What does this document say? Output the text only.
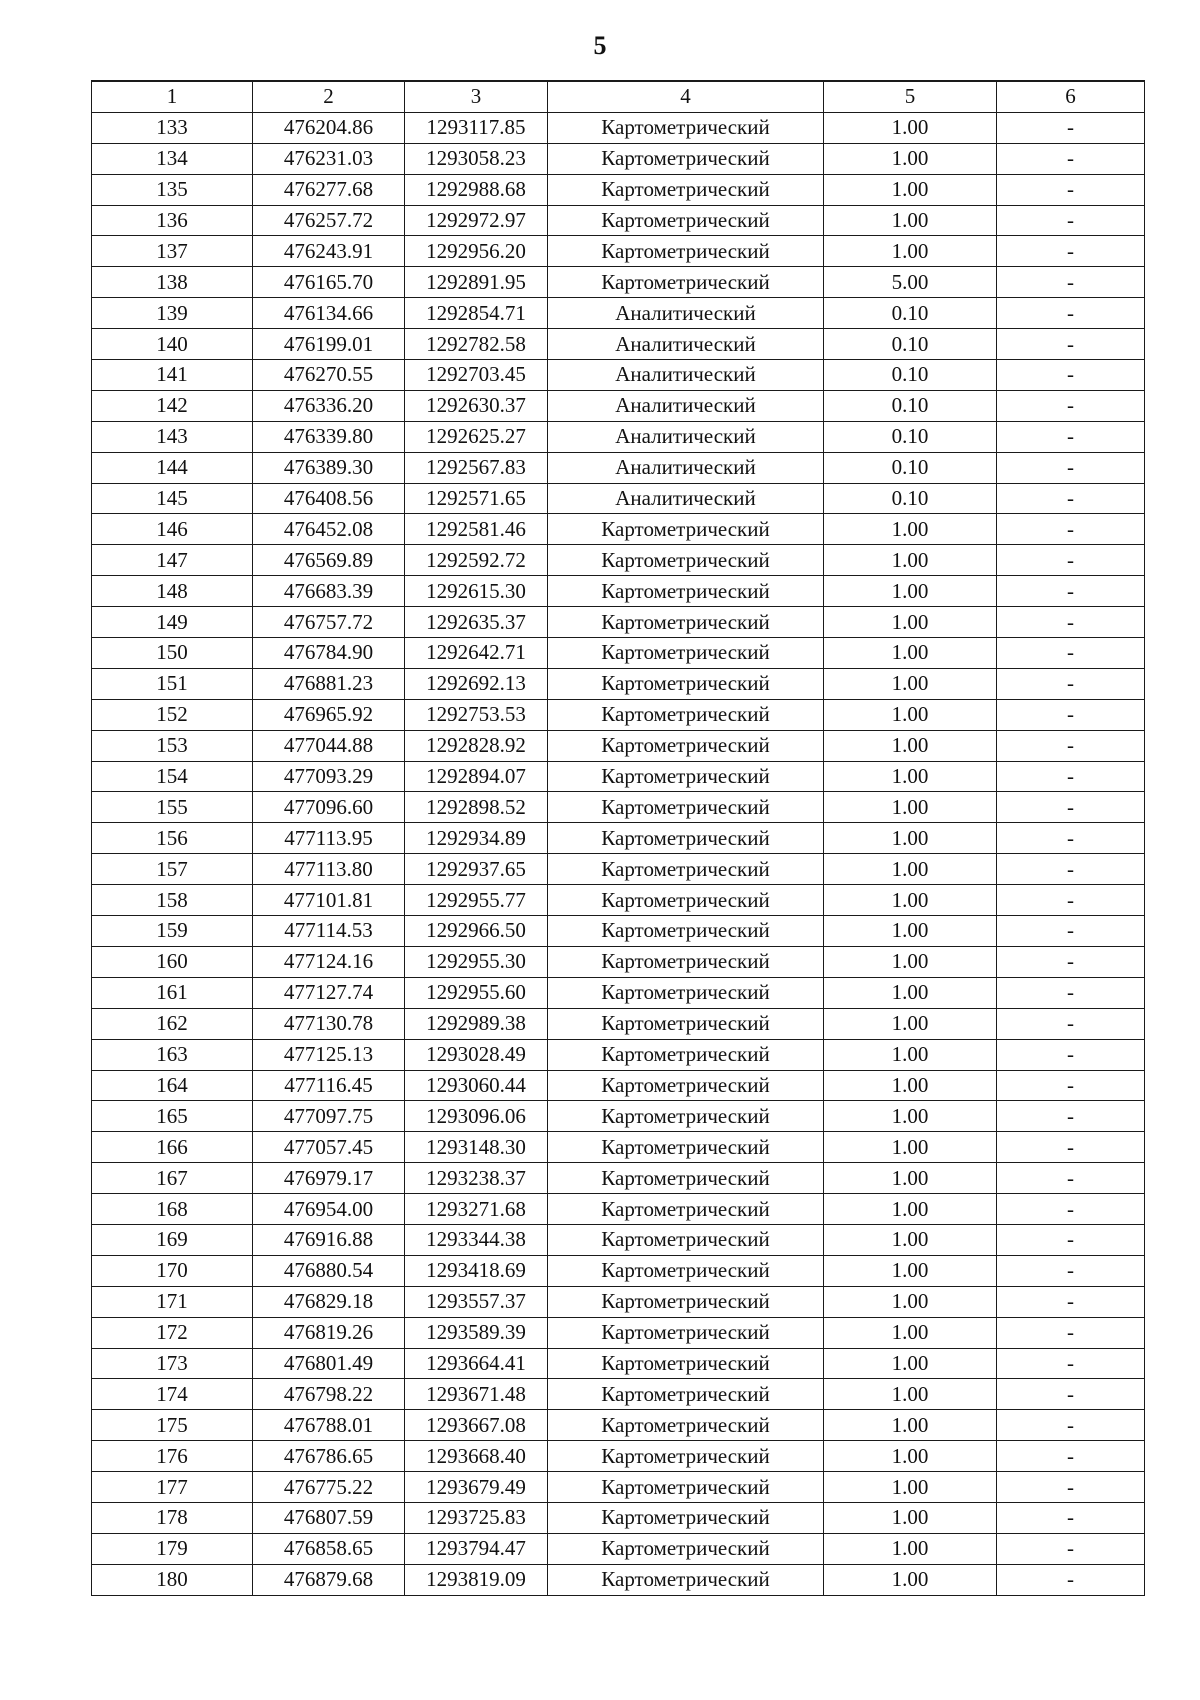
5
1	2	3	4	5	6
133	476204.86	1293117.85	Картометрический	1.00	-
134	476231.03	1293058.23	Картометрический	1.00	-
135	476277.68	1292988.68	Картометрический	1.00	-
136	476257.72	1292972.97	Картометрический	1.00	-
137	476243.91	1292956.20	Картометрический	1.00	-
138	476165.70	1292891.95	Картометрический	5.00	-
139	476134.66	1292854.71	Аналитический	0.10	-
140	476199.01	1292782.58	Аналитический	0.10	-
141	476270.55	1292703.45	Аналитический	0.10	-
142	476336.20	1292630.37	Аналитический	0.10	-
143	476339.80	1292625.27	Аналитический	0.10	-
144	476389.30	1292567.83	Аналитический	0.10	-
145	476408.56	1292571.65	Аналитический	0.10	-
146	476452.08	1292581.46	Картометрический	1.00	-
147	476569.89	1292592.72	Картометрический	1.00	-
148	476683.39	1292615.30	Картометрический	1.00	-
149	476757.72	1292635.37	Картометрический	1.00	-
150	476784.90	1292642.71	Картометрический	1.00	-
151	476881.23	1292692.13	Картометрический	1.00	-
152	476965.92	1292753.53	Картометрический	1.00	-
153	477044.88	1292828.92	Картометрический	1.00	-
154	477093.29	1292894.07	Картометрический	1.00	-
155	477096.60	1292898.52	Картометрический	1.00	-
156	477113.95	1292934.89	Картометрический	1.00	-
157	477113.80	1292937.65	Картометрический	1.00	-
158	477101.81	1292955.77	Картометрический	1.00	-
159	477114.53	1292966.50	Картометрический	1.00	-
160	477124.16	1292955.30	Картометрический	1.00	-
161	477127.74	1292955.60	Картометрический	1.00	-
162	477130.78	1292989.38	Картометрический	1.00	-
163	477125.13	1293028.49	Картометрический	1.00	-
164	477116.45	1293060.44	Картометрический	1.00	-
165	477097.75	1293096.06	Картометрический	1.00	-
166	477057.45	1293148.30	Картометрический	1.00	-
167	476979.17	1293238.37	Картометрический	1.00	-
168	476954.00	1293271.68	Картометрический	1.00	-
169	476916.88	1293344.38	Картометрический	1.00	-
170	476880.54	1293418.69	Картометрический	1.00	-
171	476829.18	1293557.37	Картометрический	1.00	-
172	476819.26	1293589.39	Картометрический	1.00	-
173	476801.49	1293664.41	Картометрический	1.00	-
174	476798.22	1293671.48	Картометрический	1.00	-
175	476788.01	1293667.08	Картометрический	1.00	-
176	476786.65	1293668.40	Картометрический	1.00	-
177	476775.22	1293679.49	Картометрический	1.00	-
178	476807.59	1293725.83	Картометрический	1.00	-
179	476858.65	1293794.47	Картометрический	1.00	-
180	476879.68	1293819.09	Картометрический	1.00	-
